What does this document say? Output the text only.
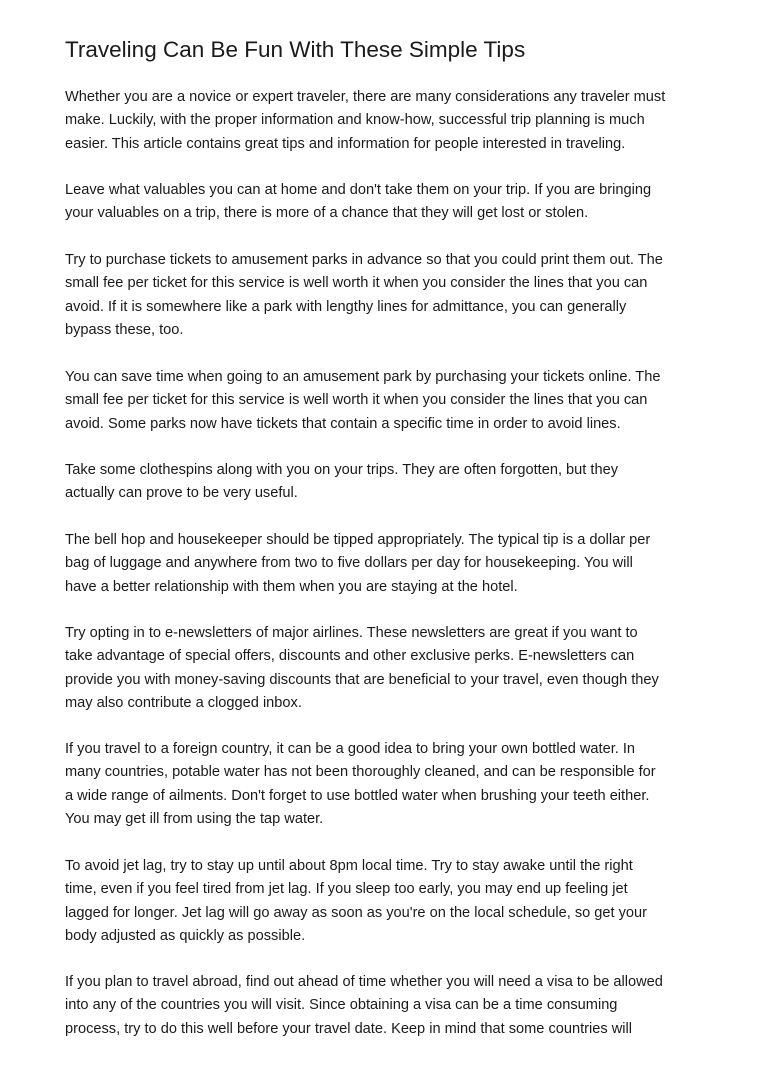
Traveling Can Be Fun With These Simple Tips

Whether you are a novice or expert traveler, there are many considerations any traveler must
make. Luckily, with the proper information and know-how, successful trip planning is much
easier. This article contains great tips and information for people interested in traveling.

Leave what valuables you can at home and don't take them on your trip. If you are bringing
your valuables on a trip, there is more of a chance that they will get lost or stolen.

Try to purchase tickets to amusement parks in advance so that you could print them out. The
small fee per ticket for this service is well worth it when you consider the lines that you can
avoid. If it is somewhere like a park with lengthy lines for admittance, you can generally
bypass these, too.

You can save time when going to an amusement park by purchasing your tickets online. The
small fee per ticket for this service is well worth it when you consider the lines that you can
avoid. Some parks now have tickets that contain a specific time in order to avoid lines.

Take some clothespins along with you on your trips. They are often forgotten, but they
actually can prove to be very useful.

The bell hop and housekeeper should be tipped appropriately. The typical tip is a dollar per
bag of luggage and anywhere from two to five dollars per day for housekeeping. You will
have a better relationship with them when you are staying at the hotel.

Try opting in to e-newsletters of major airlines. These newsletters are great if you want to
take advantage of special offers, discounts and other exclusive perks. E-newsletters can
provide you with money-saving discounts that are beneficial to your travel, even though they
may also contribute a clogged inbox.

If you travel to a foreign country, it can be a good idea to bring your own bottled water. In
many countries, potable water has not been thoroughly cleaned, and can be responsible for
a wide range of ailments. Don't forget to use bottled water when brushing your teeth either.
You may get ill from using the tap water.

To avoid jet lag, try to stay up until about 8pm local time. Try to stay awake until the right
time, even if you feel tired from jet lag. If you sleep too early, you may end up feeling jet
lagged for longer. Jet lag will go away as soon as you're on the local schedule, so get your
body adjusted as quickly as possible.

If you plan to travel abroad, find out ahead of time whether you will need a visa to be allowed
into any of the countries you will visit. Since obtaining a visa can be a time consuming
process, try to do this well before your travel date. Keep in mind that some countries will
